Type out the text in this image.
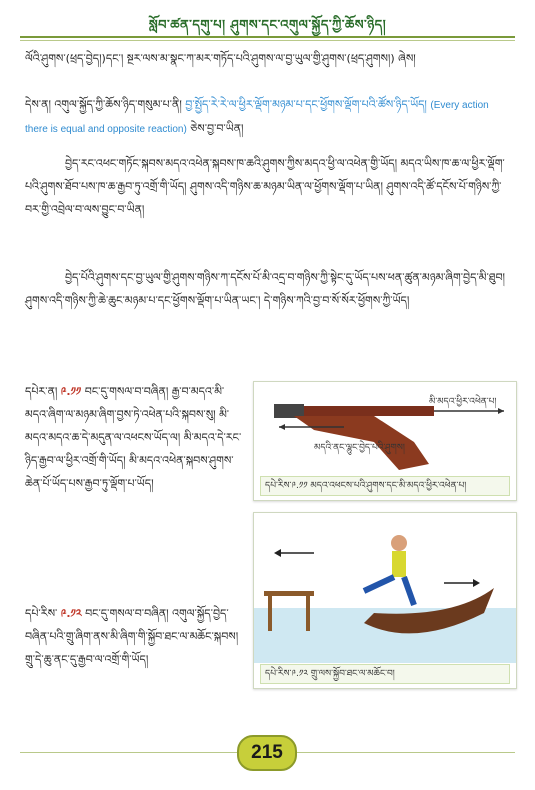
སློབ་ཚན་དགུ་པ། ཤུགས་དང་འགུལ་སྐྱོད་ཀྱི་ཆོས་ཉིད།
ལོའི་ཤུགས་(ཕྲད་བྱེད།)དང་། སྔར་ལས་མ་སྣང་ཀ་མར་གཏོད་པའི་ཤུགས་ལ་བྱ་ཡུལ་གྱི་ཤུགས་(ཕྲད་ཤུགས།) ཞེས།
དེས་ན། འགུལ་སྐྱོད་ཀྱི་ཆོས་ཉིད་གསུམ་པ་ནི། བྱ་སྤྱོད་རེ་རེ་ལ་ཕྱིར་ལྡོག་མཉམ་པ་དང་ཕྱོགས་ལྡོག་པའི་ཚོས་ཉིད་ཡོད། (Every action there is equal and opposite reaction) ཅེས་བྱ་བ་ཡིན།
བྱེད་རང་འཕང་གཏོང་སྐབས་མདའ་འཕེན་སྐབས་ཁ་ཆའི་ཤུགས་ཀྱིས་མདའ་ཕྱི་ལ་འཕེན་གྱི་ཡོད། མདའ་ཡིས་ཁ་ཆ་ལ་ཕྱིར་ལྡོག་པའི་ཤུགས་ཐོབ་པས་ཁ་ཆ་རྒྱབ་ཏུ་འགྲོ་གི་ཡོད། ཤུགས་འདི་གཉིས་ཆ་མཉམ་ཡིན་ལ་ཕྱོགས་ལྡོག་པ་ཡིན། ཤུགས་འདི་ཚོ་དངོས་པོ་གཉིས་ཀྱི་བར་གྱི་འབྲེལ་བ་ལས་བྱུང་བ་ཡིན།
བྱེད་པོའི་ཤུགས་དང་བྱ་ཡུལ་གྱི་ཤུགས་གཉིས་ཀ་དངོས་པོ་མི་འདྲ་བ་གཉིས་ཀྱི་སྟེང་དུ་ཡོད་པས་ཕན་ཚུན་མཉམ་ཞིག་བྱེད་མི་ཐུབ། ཤུགས་འདི་གཉིས་ཀྱི་ཆེ་ཆུང་མཉམ་པ་དང་ཕྱོགས་ལྡོག་པ་ཡིན་ཡང་། དེ་གཉིས་ཀའི་བྱ་བ་སོ་སོར་ཕྱོགས་ཀྱི་ཡོད།
དཔེར་ན། ༩.༡༡ བང་དུ་གསལ་བ་བཞིན། རྒྱ་བ་མདའ་མི་མདའ་ཞིག་ལ་མཉམ་ཞིག་བྱས་ཏེ་འཕེན་པའི་སྐབས་སུ། མི་མདའ་མདའ་ཆ་དེ་མདུན་ལ་འཕངས་ཡོད་ལ། མི་མདའ་དེ་རང་ཉིད་རྒྱབ་ལ་ཕྱིར་འགྲོ་གི་ཡོད། མི་མདའ་འཕེན་སྐབས་ཤུགས་ཆེན་པོ་ཡོད་པས་རྒྱབ་ཏུ་ལྡོག་པ་ཡོད།
མི་མདའ་ཕྱིར་འཕེན་པ།
མདའི་ནང་ལྷུང་བྱེད་པའི་ཤུགས།
དཔེ་རིས་༩.༡༡ མདའ་འཕངས་པའི་ཤུགས་དང་མི་མདའ་ཕྱིར་འཕེན་པ།
དཔེ་རིས་༩.༡༢ གྲུ་ལས་སྐྱོབ་ཐང་ལ་མཆོང་བ།
དཔེ་རིས་ ༩.༡༢ བང་དུ་གསལ་བ་བཞིན། འགུལ་སྐྱོད་བྱེད་བཞིན་པའི་གྲུ་ཞིག་ནས་མི་ཞིག་གི་སྐྱོབ་ཐང་ལ་མཆོང་སྐབས། གྲུ་དེ་ཆུ་ནང་དུ་རྒྱབ་ལ་འགྲོ་གི་ཡོད།
215
